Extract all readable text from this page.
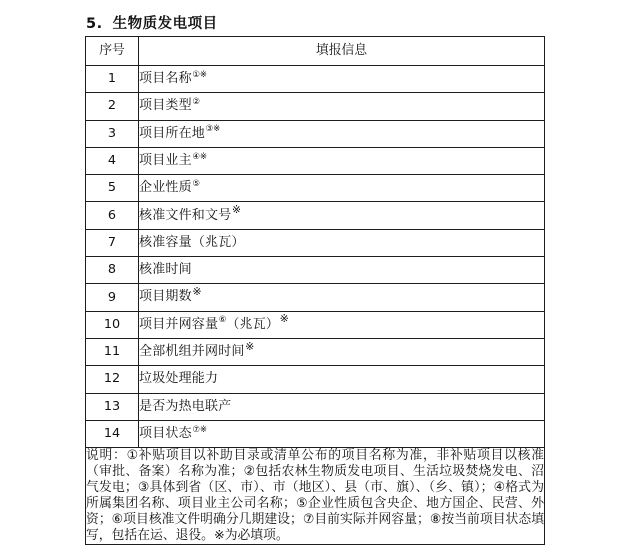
5. 生物质发电项目
序号	填报信息
1	项目名称①※
2	项目类型②
3	项目所在地③※
4	项目业主④※
5	企业性质⑤
6	核准文件和文号※
7	核准容量（兆瓦）
8	核准时间
9	项目期数※
10	项目并网容量⑥（兆瓦）※
11	全部机组并网时间※
12	垃圾处理能力
13	是否为热电联产
14	项目状态⑦※

说明：①补贴项目以补助目录或清单公布的项目名称为准，非补贴项目以核准（审批、备案）名称为准；②包括农林生物质发电项目、生活垃圾焚烧发电、沼气发电；③具体到省（区、市）、市（地区）、县（市、旗）、（乡、镇）；④格式为所属集团名称、项目业主公司名称；⑤企业性质包含央企、地方国企、民营、外资；⑥项目核准文件明确分几期建设；⑦目前实际并网容量；⑧按当前项目状态填写，包括在运、退役。※为必填项。	
